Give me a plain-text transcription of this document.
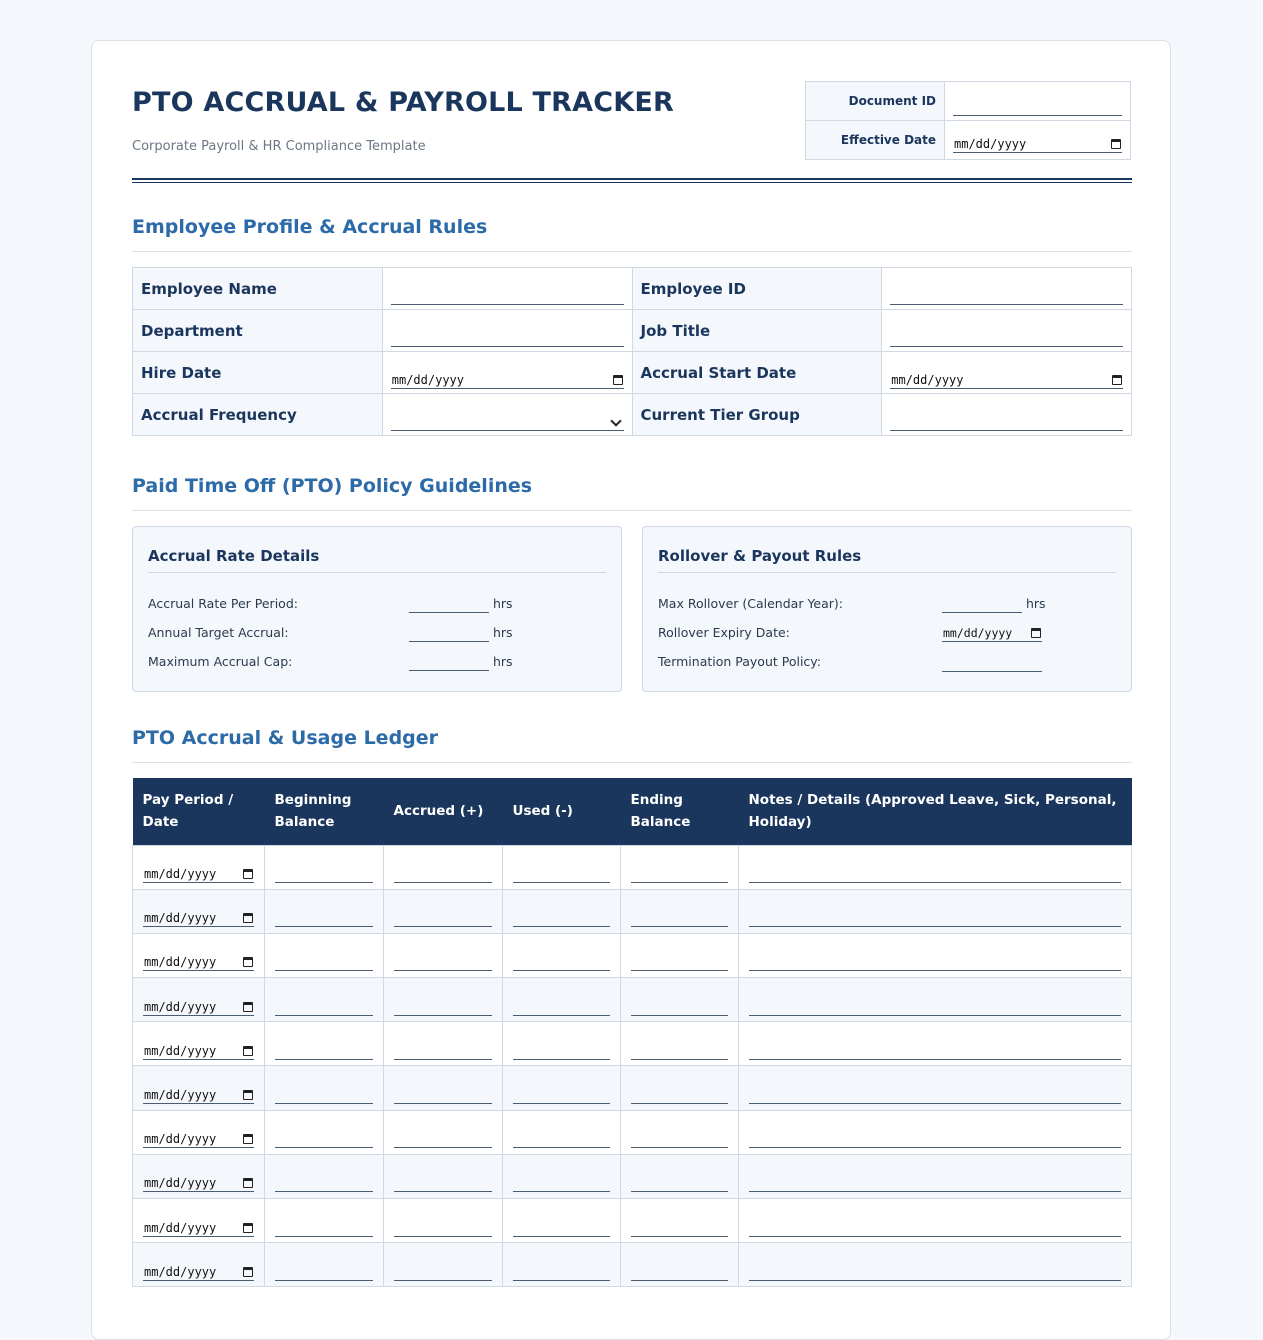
PTO ACCRUAL & PAYROLL TRACKER
Corporate Payroll & HR Compliance Template
Document ID	

Effective Date	mm/dd/yyyy
Employee Profile & Accrual Rules
Employee Name		Employee ID	

Department		Job Title	

Hire Date	mm/dd/yyyy	Accrual Start Date	mm/dd/yyyy

Accrual Frequency		Current Tier Group	
Paid Time Off (PTO) Policy Guidelines
Accrual Rate Details
Accrual Rate Per Period:	hrs
Annual Target Accrual:	hrs
Maximum Accrual Cap:	hrs
Rollover & Payout Rules
Max Rollover (Calendar Year):	hrs
Rollover Expiry Date:	mm/dd/yyyy
Termination Payout Policy:
PTO Accrual & Usage Ledger
Pay Period / Date	Beginning Balance	Accrued (+)	Used (-)	Ending Balance	Notes / Details (Approved Leave, Sick, Personal, Holiday)

mm/dd/yyyy					

mm/dd/yyyy					

mm/dd/yyyy					

mm/dd/yyyy					

mm/dd/yyyy					

mm/dd/yyyy					

mm/dd/yyyy					

mm/dd/yyyy					

mm/dd/yyyy					

mm/dd/yyyy					
